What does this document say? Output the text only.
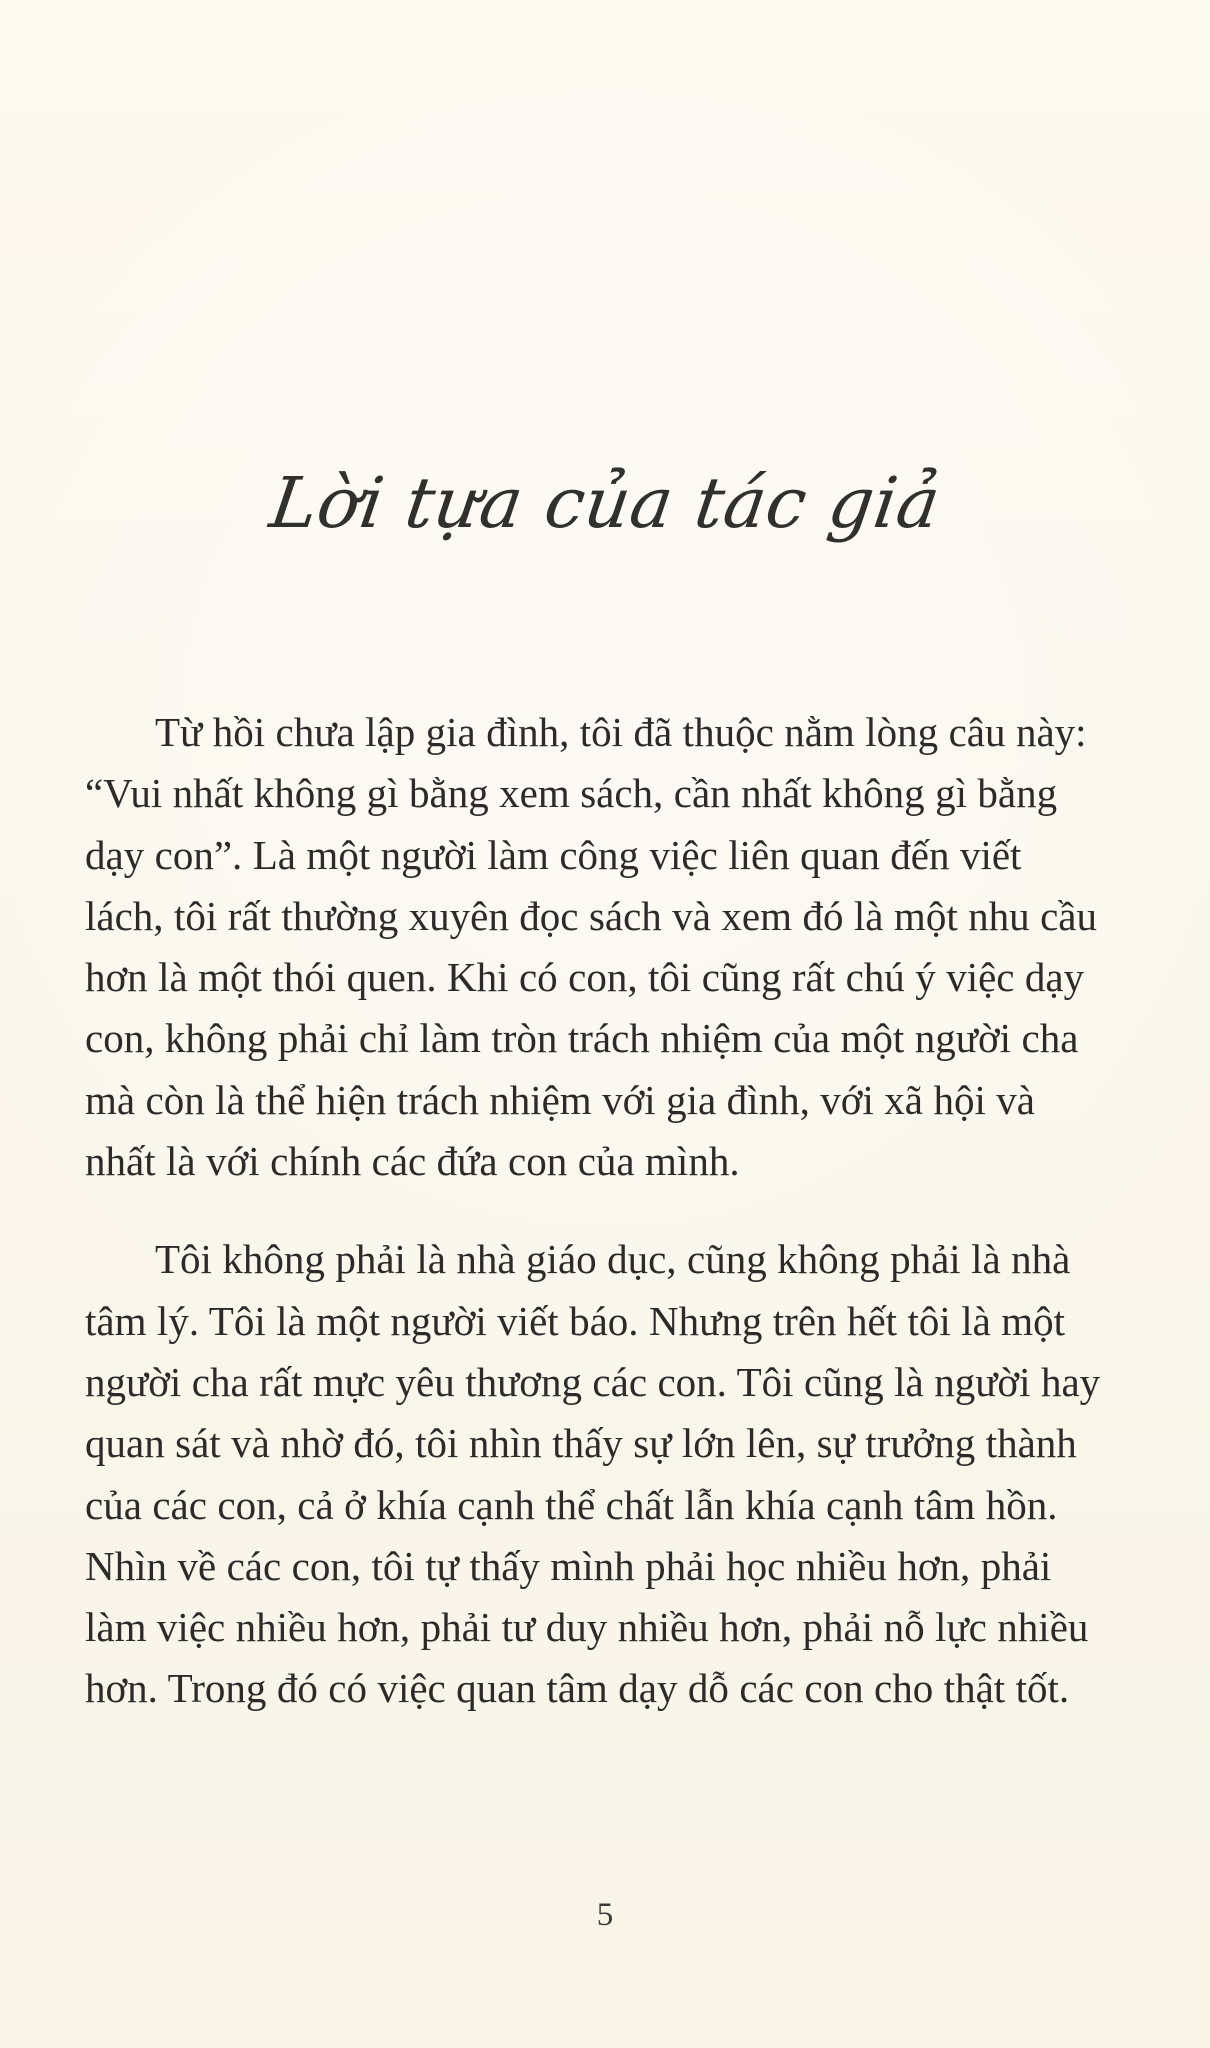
Lời tựa của tác giả

Từ hồi chưa lập gia đình, tôi đã thuộc nằm lòng câu này: “Vui nhất không gì bằng xem sách, cần nhất không gì bằng dạy con”. Là một người làm công việc liên quan đến viết lách, tôi rất thường xuyên đọc sách và xem đó là một nhu cầu hơn là một thói quen. Khi có con, tôi cũng rất chú ý việc dạy con, không phải chỉ làm tròn trách nhiệm của một người cha mà còn là thể hiện trách nhiệm với gia đình, với xã hội và nhất là với chính các đứa con của mình.

Tôi không phải là nhà giáo dục, cũng không phải là nhà tâm lý. Tôi là một người viết báo. Nhưng trên hết tôi là một người cha rất mực yêu thương các con. Tôi cũng là người hay quan sát và nhờ đó, tôi nhìn thấy sự lớn lên, sự trưởng thành của các con, cả ở khía cạnh thể chất lẫn khía cạnh tâm hồn. Nhìn về các con, tôi tự thấy mình phải học nhiều hơn, phải làm việc nhiều hơn, phải tư duy nhiều hơn, phải nỗ lực nhiều hơn. Trong đó có việc quan tâm dạy dỗ các con cho thật tốt.

5
